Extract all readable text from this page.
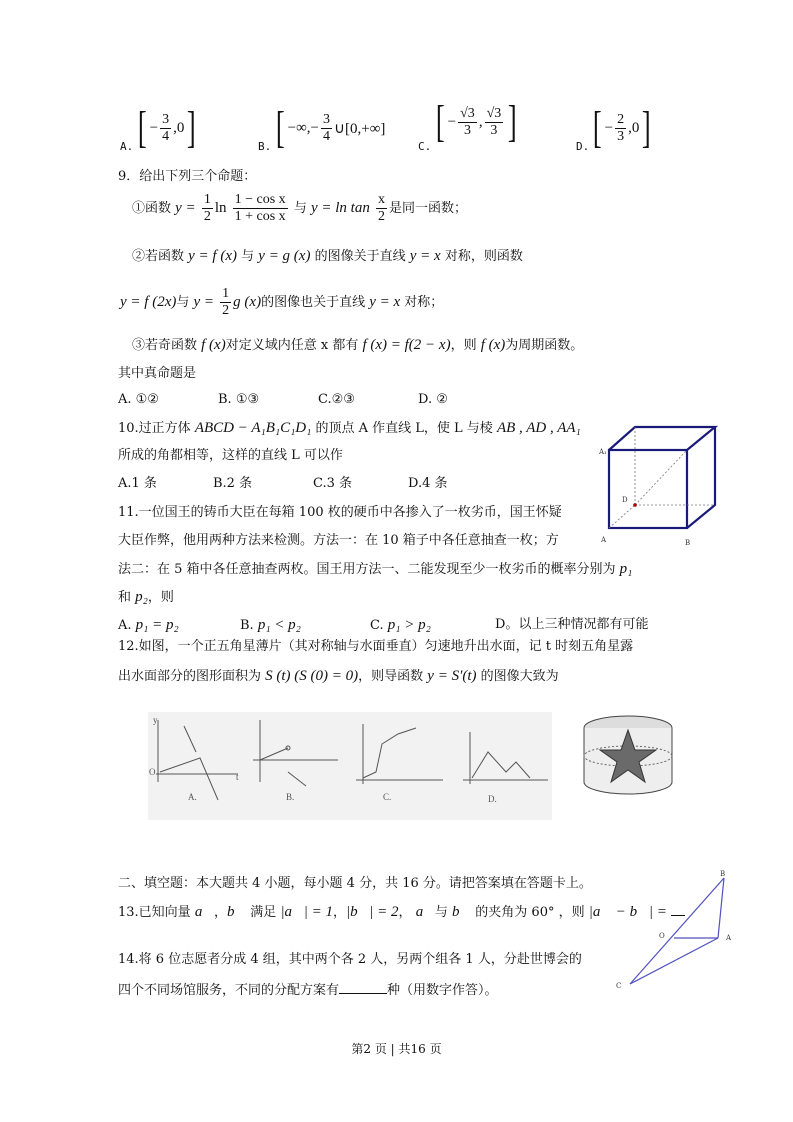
A. [ − $\frac{3}{4} ,0$ ]	B. [ −∞,− $\frac{3}{4}$ ∪[0,+∞]
C.
[ − $\frac{√3}{3}$ , $\frac{√3}{3}$ ]
D. [ − $\frac{2}{3} ,0$ ]
9．给出下列三个命题：
①函数 $y = \frac{1}{2}$ $\ln \frac{\text{1 − cos x}}{\text{1 + cos x}}$ 与 $y = \ln \tan \frac{x}{2}$ 是同一函数；
②若函数 y = f (x) 与 y = g (x) 的图像关于直线 y = x 对称，则函数
y = f (2x)与 $y = \frac{1}{2}$ g (x)的图像也关于直线 y = x 对称；
③若奇函数 f (x)对定义域内任意 x 都有 f (x) = f(2 − x)，则 f (x)为周期函数。
其中真命题是
A. ①②	B. ①③	C.②③	D. ②
10.过正方体 ABCD − A₁B₁C₁D₁ 的顶点 A 作直线 L，使 L 与棱 AB , AD , AA₁
所成的角都相等，这样的直线 L 可以作
A.1 条	B.2 条	C.3 条	D.4 条
A₁
D
A	B
11.一位国王的铸币大臣在每箱 100 枚的硬币中各掺入了一枚劣币，国王怀疑
大臣作弊，他用两种方法来检测。方法一：在 10 箱子中各任意抽查一枚；方
法二：在 5 箱中各任意抽查两枚。国王用方法一、二能发现至少一枚劣币的概率分别为 p₁
和 p₂，则
A. p₁ = p₂	B. p₁ < p₂	C. p₁ > p₂	D。以上三种情况都有可能
12.如图，一个正五角星薄片（其对称轴与水面垂直）匀速地升出水面，记 t 时刻五角星露
出水面部分的图形面积为 S (t) (S (0) = 0)，则导函数 y = S′(t) 的图像大致为
A.	B.	C.	D.
y
O	t
二、填空题：本大题共 4 小题，每小题 4 分，共 16 分。请把答案填在答题卡上。
13.已知向量 a⃗，b⃗ 满足 |a⃗| = 1，|b⃗| = 2， a⃗与 b⃗ 的夹角为 60° ，则 |a⃗ − b⃗| =
14.将 6 位志愿者分成 4 组，其中两个各 2 人，另两个组各 1 人，分赴世博会的
四个不同场馆服务，不同的分配方案有	种（用数字作答）。
B
O	A
C
第2 页 | 共16 页
